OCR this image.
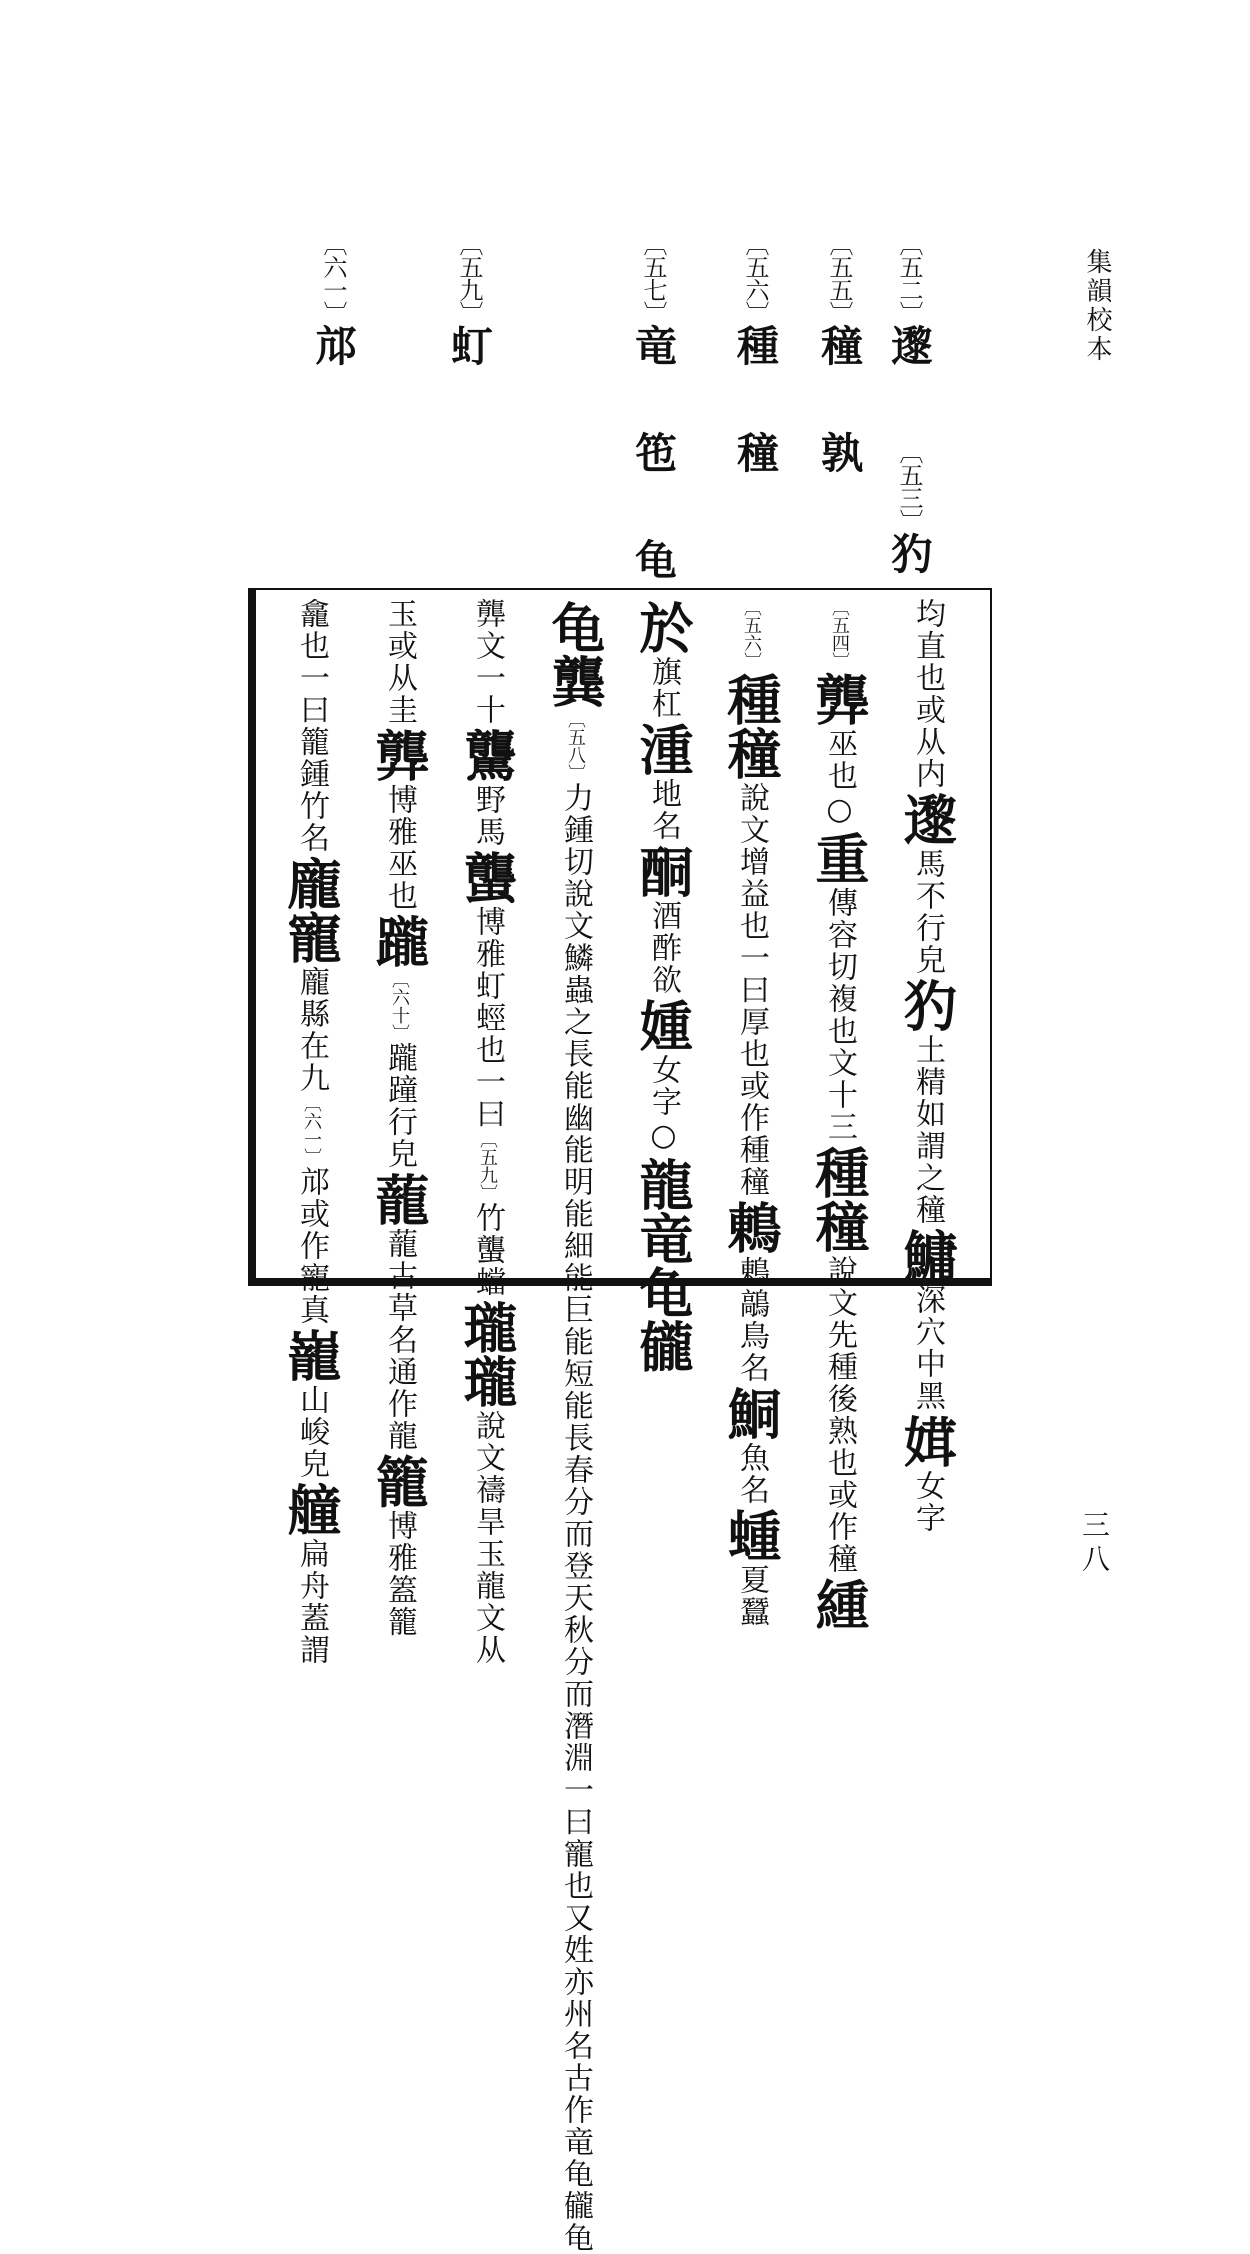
集韻校本
三八
〔 五二 〕邌
〔 五三 〕犳
〔 五五 〕穜 孰
〔 五六 〕種 穜
〔 五七 〕竜 竾 龟
〔 五九 〕虰
〔 六一 〕邟
均直也或从内邌馬不行皃犳土精如謂之穜鱅深穴中黑媶女字
〔 五四 〕龏巫也○重傳容切複也文十三種穜說文先種後熟也或作穜緟
〔 五六 〕種穜說文增益也一曰厚也或作種穜鶇鶇鶮鳥名鮦魚名蝩夏蠶
於旗杠湩地名酮酒酢欲媑女字○龍竜龟龓
龟龔〔 五八 〕力鍾切說文鱗蟲之長能幽能明能細能巨能短能長春分而登天秋分而潛淵一曰寵也又姓亦州名古作竜龟龓龟
龏文一十驡野馬蠪博雅虰蛵也一曰〔 五九 〕竹蠪蟷瓏瓏說文禱旱玉龍文从
玉或从圭龏博雅巫也躘〔 六十 〕躘蹱行皃蘢蘢古草名通作龍籠博雅篕籠
龕也一曰籠鍾竹名龐寵龐縣在九〔 六一 〕邟或作寵真巃山峻皃艟扁舟蓋謂
